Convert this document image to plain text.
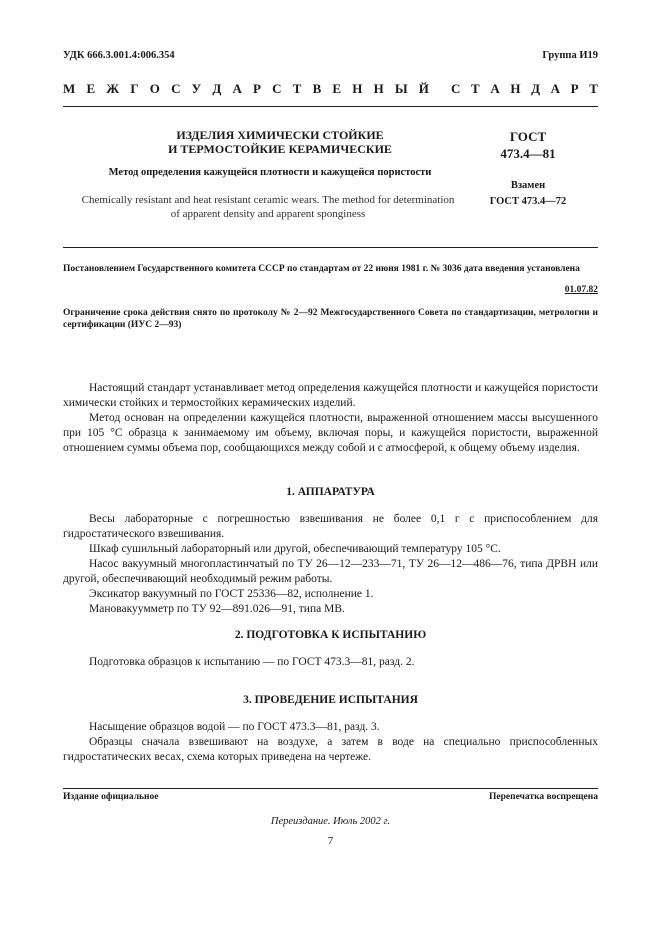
УДК 666.3.001.4:006.354	Группа И19
М Е Ж Г О С У Д А Р С Т В Е Н Н Ы Й С Т А Н Д А Р Т
ИЗДЕЛИЯ ХИМИЧЕСКИ СТОЙКИЕ
И ТЕРМОСТОЙКИЕ КЕРАМИЧЕСКИЕ
Метод определения кажущейся плотности и кажущейся пористости
Chemically resistant and heat resistant ceramic wears. The method for determination
of apparent density and apparent sponginess
ГОСТ
473.4—81
Взамен
ГОСТ 473.4—72
Постановлением Государственного комитета СССР по стандартам от 22 июня 1981 г. № 3036 дата введения установлена
01.07.82
Ограничение срока действия снято по протоколу № 2—92 Межгосударственного Совета по стандартизации, метрологии и сертификации (ИУС 2—93)

Настоящий стандарт устанавливает метод определения кажущейся плотности и кажущейся пористости химически стойких и термостойких керамических изделий.

Метод основан на определении кажущейся плотности, выраженной отношением массы высушенного при 105 °С образца к занимаемому им объему, включая поры, и кажущейся пористости, выраженной отношением суммы объема пор, сообщающихся между собой и с атмосферой, к общему объему изделия.

1. АППАРАТУРА

Весы лабораторные с погрешностью взвешивания не более 0,1 г с приспособлением для гидростатического взвешивания.

Шкаф сушильный лабораторный или другой, обеспечивающий температуру 105 °С.

Насос вакуумный многопластинчатый по ТУ 26—12—233—71, ТУ 26—12—486—76, типа ДРВН или другой, обеспечивающий необходимый режим работы.

Эксикатор вакуумный по ГОСТ 25336—82, исполнение 1.

Мановакуумметр по ТУ 92—891.026—91, типа МВ.

2. ПОДГОТОВКА К ИСПЫТАНИЮ

Подготовка образцов к испытанию — по ГОСТ 473.3—81, разд. 2.

3. ПРОВЕДЕНИЕ ИСПЫТАНИЯ

Насыщение образцов водой — по ГОСТ 473.3—81, разд. 3.

Образцы сначала взвешивают на воздухе, а затем в воде на специально приспособленных гидростатических весах, схема которых приведена на чертеже.

Издание официальное	Перепечатка воспрещена
Переиздание. Июль 2002 г.
7
